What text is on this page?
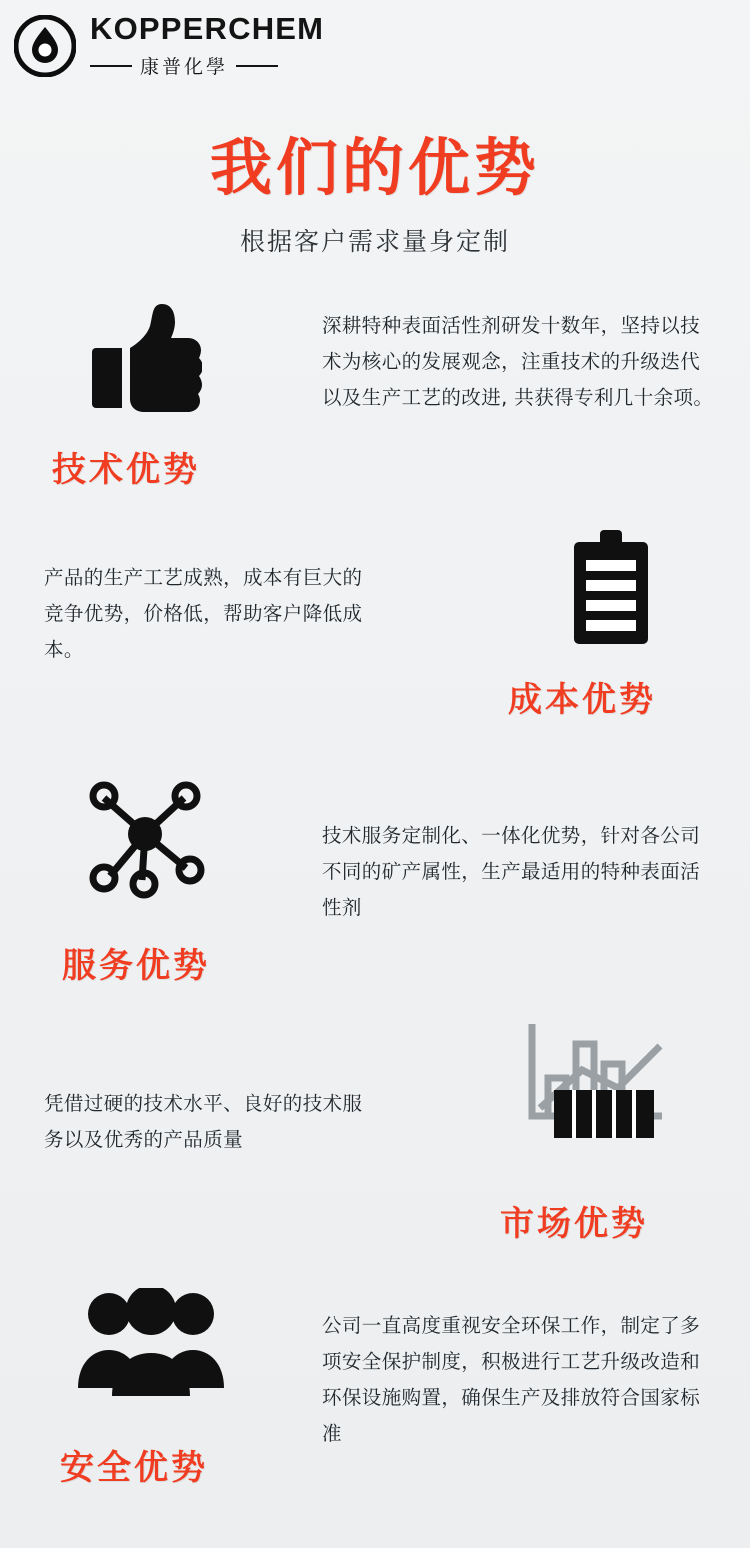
KOPPERCHEM
康普化學
我们的优势
根据客户需求量身定制
深耕特种表面活性剂研发十数年，坚持以技术为核心的发展观念，注重技术的升级迭代以及生产工艺的改进, 共获得专利几十余项。
技术优势
产品的生产工艺成熟，成本有巨大的竞争优势，价格低，帮助客户降低成本。
成本优势
技术服务定制化、一体化优势，针对各公司不同的矿产属性，生产最适用的特种表面活性剂
服务优势
凭借过硬的技术水平、良好的技术服务以及优秀的产品质量
市场优势
公司一直高度重视安全环保工作，制定了多项安全保护制度，积极进行工艺升级改造和环保设施购置，确保生产及排放符合国家标准
安全优势
